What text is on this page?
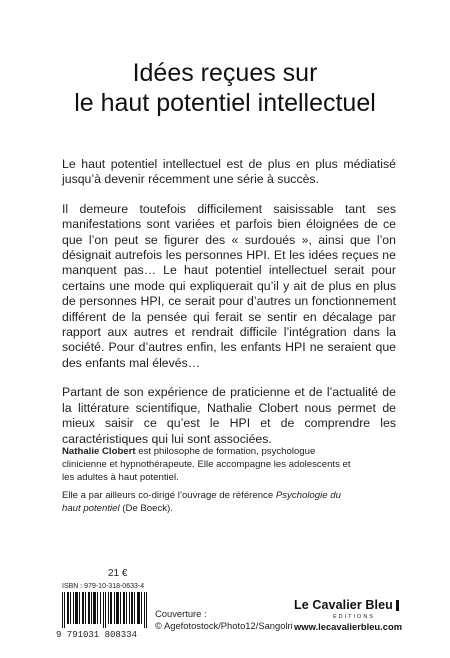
Idées reçues sur
le haut potentiel intellectuel

Le haut potentiel intellectuel est de plus en plus médiatisé jusqu’à devenir récemment une série à succès.

Il demeure toutefois difficilement saisissable tant ses manifestations sont variées et parfois bien éloignées de ce que l’on peut se figurer des « surdoués », ainsi que l’on désignait autrefois les personnes HPI. Et les idées reçues ne manquent pas… Le haut potentiel intellectuel serait pour certains une mode qui expliquerait qu’il y ait de plus en plus de personnes HPI, ce serait pour d’autres un fonctionnement différent de la pensée qui ferait se sentir en décalage par rapport aux autres et rendrait difficile l’intégration dans la société. Pour d’autres enfin, les enfants HPI ne seraient que des enfants mal élevés…

Partant de son expérience de praticienne et de l’actualité de la littérature scientifique, Nathalie Clobert nous permet de mieux saisir ce qu’est le HPI et de comprendre les caractéristiques qui lui sont associées.

Nathalie Clobert est philosophe de formation, psychologue clinicienne et hypnothérapeute. Elle accompagne les adolescents et les adultes à haut potentiel.

Elle a par ailleurs co-dirigé l’ouvrage de référence Psychologie du haut potentiel (De Boeck).

21 €
ISBN : 979-10-318-0633-4
9 791031 808334
Couverture :
© Agefotostock/Photo12/Sangolri
Le Cavalier Bleu
ÉDITIONS
www.lecavalierbleu.com
